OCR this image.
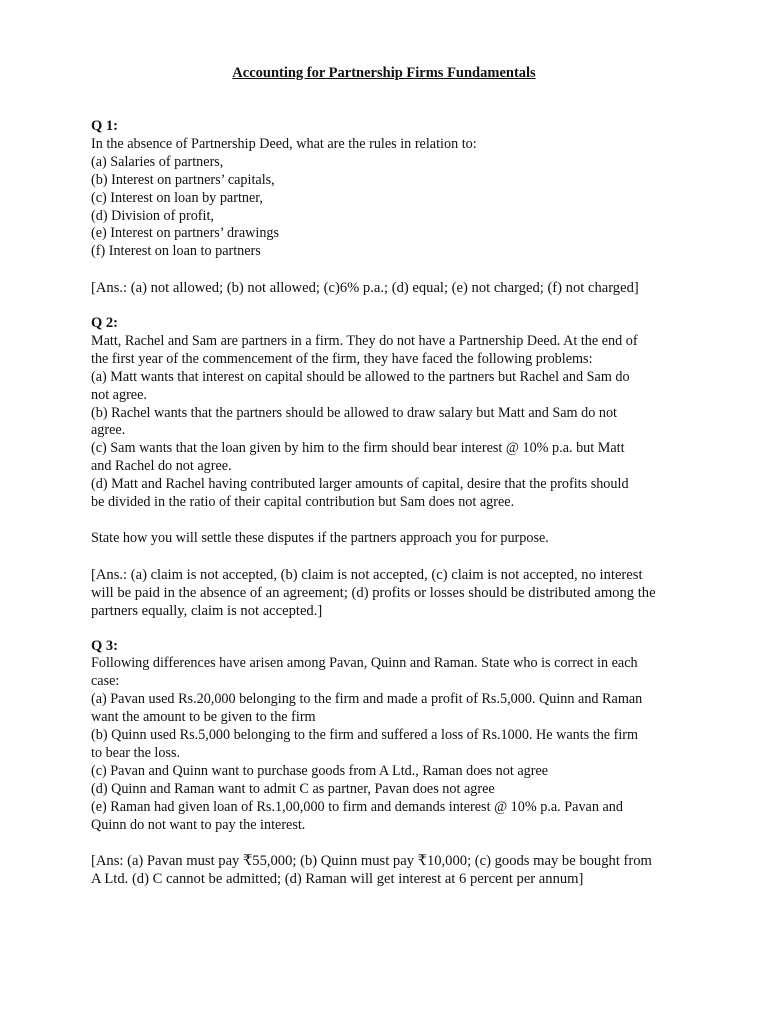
Accounting for Partnership Firms Fundamentals

Q 1:

In the absence of Partnership Deed, what are the rules in relation to:

(a) Salaries of partners,

(b) Interest on partners’ capitals,

(c) Interest on loan by partner,

(d) Division of profit,

(e) Interest on partners’ drawings

(f) Interest on loan to partners

[Ans.: (a) not allowed; (b) not allowed; (c)6% p.a.; (d) equal; (e) not charged; (f) not charged]

Q 2:

Matt, Rachel and Sam are partners in a firm. They do not have a Partnership Deed. At the end of

the first year of the commencement of the firm, they have faced the following problems:

(a) Matt wants that interest on capital should be allowed to the partners but Rachel and Sam do

not agree.

(b) Rachel wants that the partners should be allowed to draw salary but Matt and Sam do not

agree.

(c) Sam wants that the loan given by him to the firm should bear interest @ 10% p.a. but Matt

and Rachel do not agree.

(d) Matt and Rachel having contributed larger amounts of capital, desire that the profits should

be divided in the ratio of their capital contribution but Sam does not agree.

State how you will settle these disputes if the partners approach you for purpose.

[Ans.: (a) claim is not accepted, (b) claim is not accepted, (c) claim is not accepted, no interest

will be paid in the absence of an agreement; (d) profits or losses should be distributed among the

partners equally, claim is not accepted.]

Q 3:

Following differences have arisen among Pavan, Quinn and Raman. State who is correct in each

case:

(a) Pavan used Rs.20,000 belonging to the firm and made a profit of Rs.5,000. Quinn and Raman

want the amount to be given to the firm

(b) Quinn used Rs.5,000 belonging to the firm and suffered a loss of Rs.1000. He wants the firm

to bear the loss.

(c) Pavan and Quinn want to purchase goods from A Ltd., Raman does not agree

(d) Quinn and Raman want to admit C as partner, Pavan does not agree

(e) Raman had given loan of Rs.1,00,000 to firm and demands interest @ 10% p.a. Pavan and

Quinn do not want to pay the interest.

[Ans: (a) Pavan must pay ₹55,000; (b) Quinn must pay ₹10,000; (c) goods may be bought from

A Ltd. (d) C cannot be admitted; (d) Raman will get interest at 6 percent per annum]
